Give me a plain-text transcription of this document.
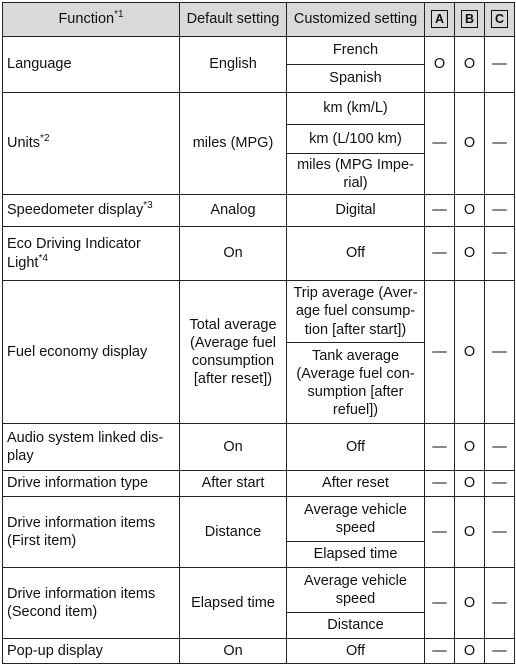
Function$^{*1}$	Default setting	Customized setting	A	B	C
Language	English	French	O	O	—
		Spanish			
Units$^{*2}$	miles (MPG)	km (km/L)	—	O	—
		km (L/100 km)			
		miles (MPG Impe- rial)			
Speedometer display$^{*3}$	Analog	Digital	—	O	—
Eco Driving Indicator Light$^{*4}$	On	Off	—	O	—
Fuel economy display	Total average (Average fuel consumption [after reset])	Trip average (Aver- age fuel consump- tion [after start])	—	O	—
		Tank average (Average fuel con- sumption [after refuel])			
Audio system linked dis- play	On	Off	—	O	—
Drive information type	After start	After reset	—	O	—
Drive information items (First item)	Distance	Average vehicle speed	—	O	—
		Elapsed time			
Drive information items (Second item)	Elapsed time	Average vehicle speed	—	O	—
		Distance			
Pop-up display	On	Off	—	O	—
